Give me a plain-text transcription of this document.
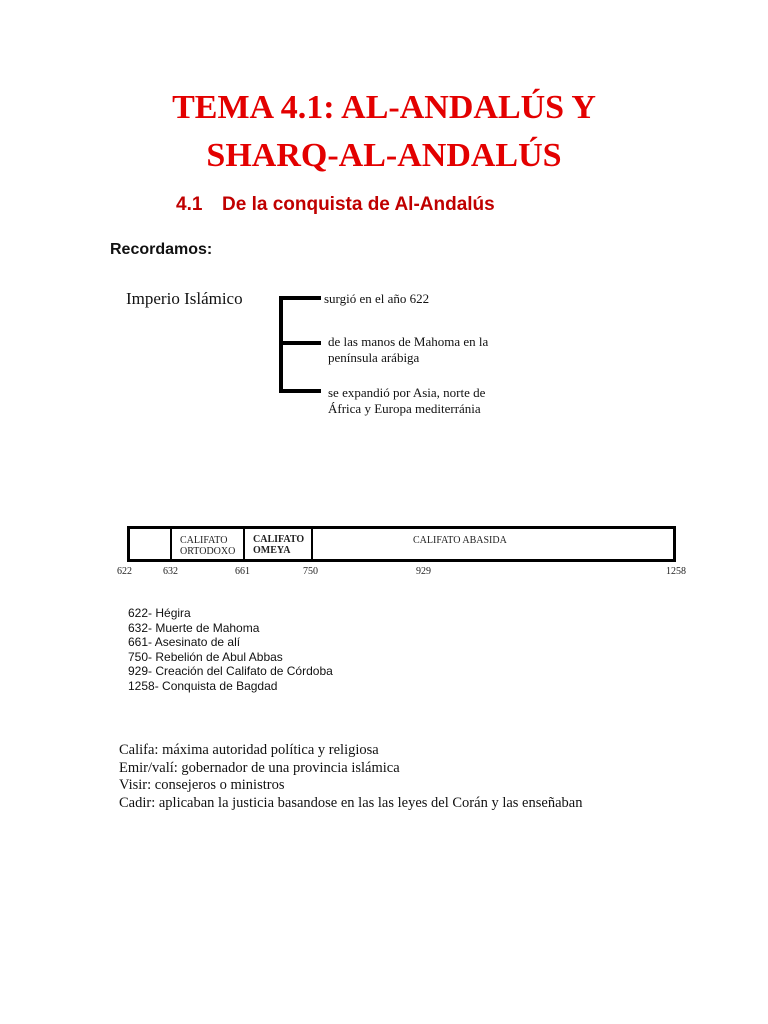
TEMA 4.1: AL-ANDALÚS Y
SHARQ-AL-ANDALÚS
4.1 De la conquista de Al-Andalús

Recordamos:

Imperio Islámico	surgió en el año 622
de las manos de Mahoma en la península arábiga
se expandió por Asia, norte de África y Europa mediterránia
CALIFATO
ORTODOXO
CALIFATO
OMEYA
CALIFATO ABASIDA
622	632	661	750	929	1258
622- Hégira
632- Muerte de Mahoma
661- Asesinato de alí
750- Rebelión de Abul Abbas
929- Creación del Califato de Córdoba
1258- Conquista de Bagdad
Califa: máxima autoridad política y religiosa
Emir/valí: gobernador de una provincia islámica
Visir: consejeros o ministros
Cadir: aplicaban la justicia basandose en las las leyes del Corán y las enseñaban
